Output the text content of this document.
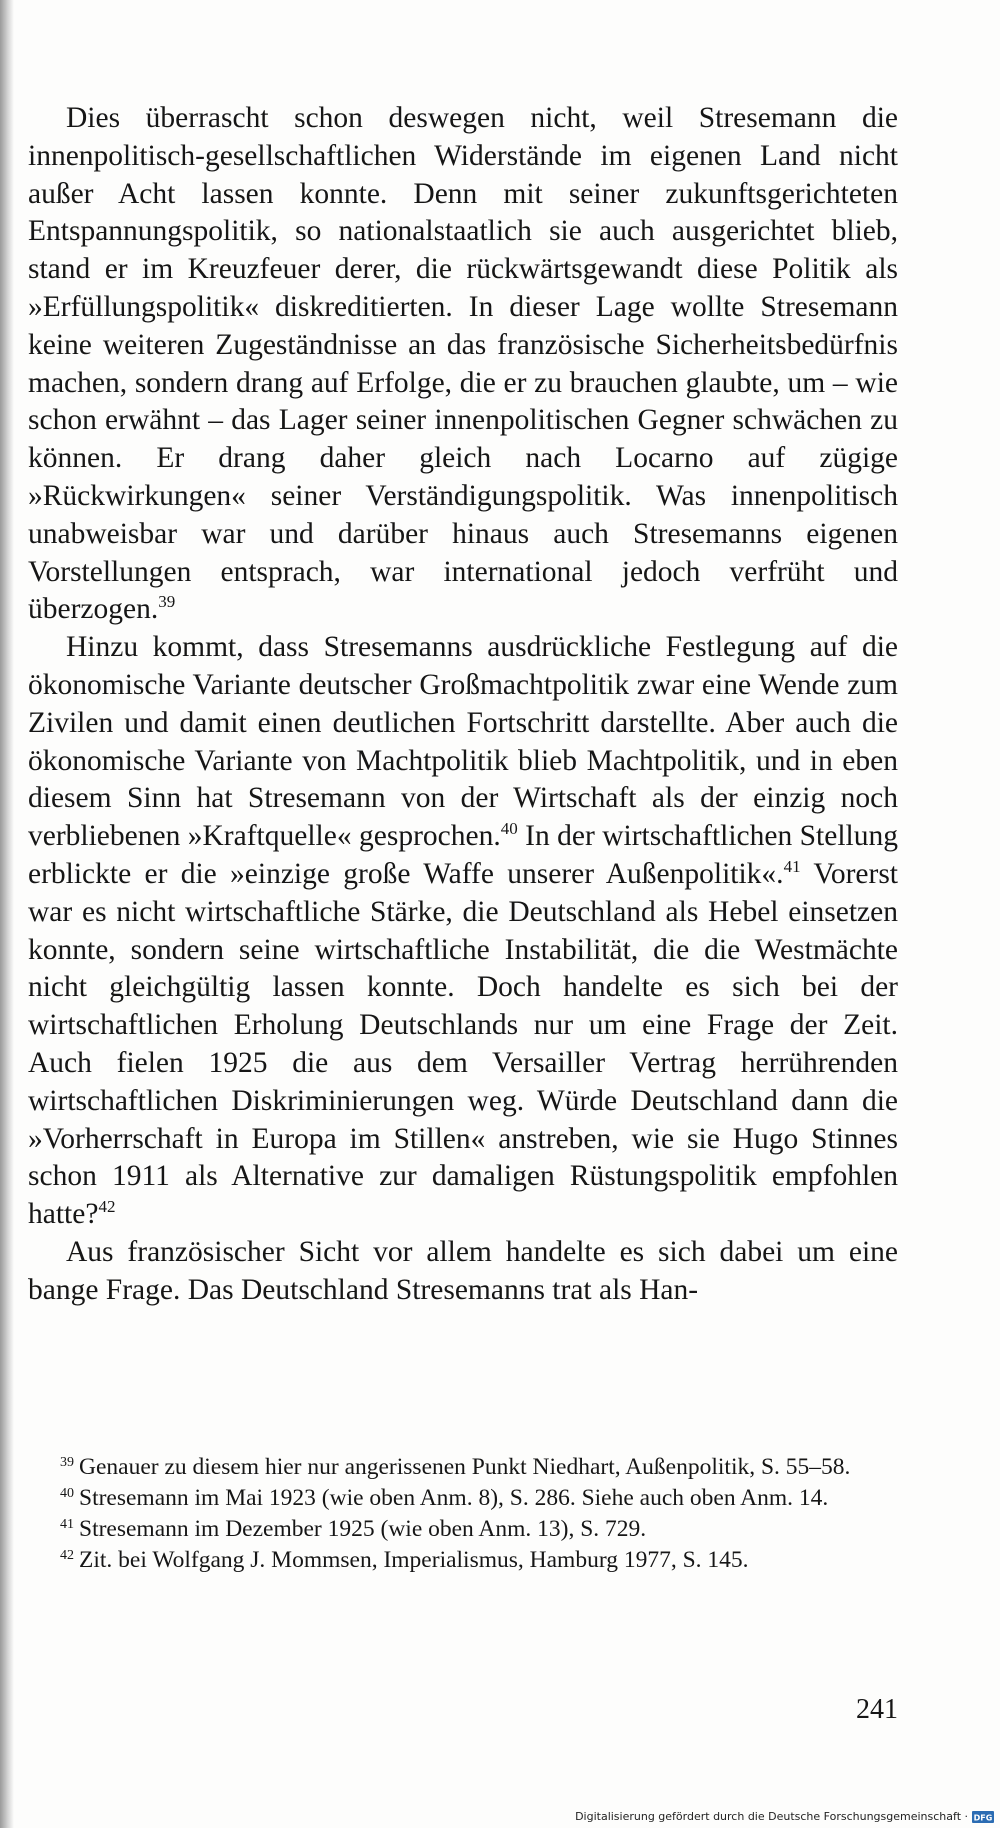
Dies überrascht schon deswegen nicht, weil Stresemann die innenpolitisch-gesellschaftlichen Widerstände im eigenen Land nicht außer Acht lassen konnte. Denn mit seiner zukunftsgerichteten Entspannungspolitik, so nationalstaatlich sie auch ausgerichtet blieb, stand er im Kreuzfeuer derer, die rückwärtsgewandt diese Politik als »Erfüllungspolitik« diskreditierten. In dieser Lage wollte Stresemann keine weiteren Zugeständnisse an das französische Sicherheitsbedürfnis machen, sondern drang auf Erfolge, die er zu brauchen glaubte, um – wie schon erwähnt – das Lager seiner innenpolitischen Gegner schwächen zu können. Er drang daher gleich nach Locarno auf zügige »Rückwirkungen« seiner Verständigungspolitik. Was innenpolitisch unabweisbar war und darüber hinaus auch Stresemanns eigenen Vorstellungen entsprach, war international jedoch verfrüht und überzogen.$^{39}$

Hinzu kommt, dass Stresemanns ausdrückliche Festlegung auf die ökonomische Variante deutscher Großmachtpolitik zwar eine Wende zum Zivilen und damit einen deutlichen Fortschritt darstellte. Aber auch die ökonomische Variante von Machtpolitik blieb Machtpolitik, und in eben diesem Sinn hat Stresemann von der Wirtschaft als der einzig noch verbliebenen »Kraftquelle« gesprochen.$^{40}$ In der wirtschaftlichen Stellung erblickte er die »einzige große Waffe unserer Außenpolitik«.$^{41}$ Vorerst war es nicht wirtschaftliche Stärke, die Deutschland als Hebel einsetzen konnte, sondern seine wirtschaftliche Instabilität, die die Westmächte nicht gleichgültig lassen konnte. Doch handelte es sich bei der wirtschaftlichen Erholung Deutschlands nur um eine Frage der Zeit. Auch fielen 1925 die aus dem Versailler Vertrag herrührenden wirtschaftlichen Diskriminierungen weg. Würde Deutschland dann die »Vorherrschaft in Europa im Stillen« anstreben, wie sie Hugo Stinnes schon 1911 als Alternative zur damaligen Rüstungspolitik empfohlen hatte?$^{42}$

Aus französischer Sicht vor allem handelte es sich dabei um eine bange Frage. Das Deutschland Stresemanns trat als Han-

$^{39}$ Genauer zu diesem hier nur angerissenen Punkt Niedhart, Außenpolitik, S. 55–58.

$^{40}$ Stresemann im Mai 1923 (wie oben Anm. 8), S. 286. Siehe auch oben Anm. 14.

$^{41}$ Stresemann im Dezember 1925 (wie oben Anm. 13), S. 729.

$^{42}$ Zit. bei Wolfgang J. Mommsen, Imperialismus, Hamburg 1977, S. 145.

241
Digitalisierung gefördert durch die Deutsche Forschungsgemeinschaft · DFG
